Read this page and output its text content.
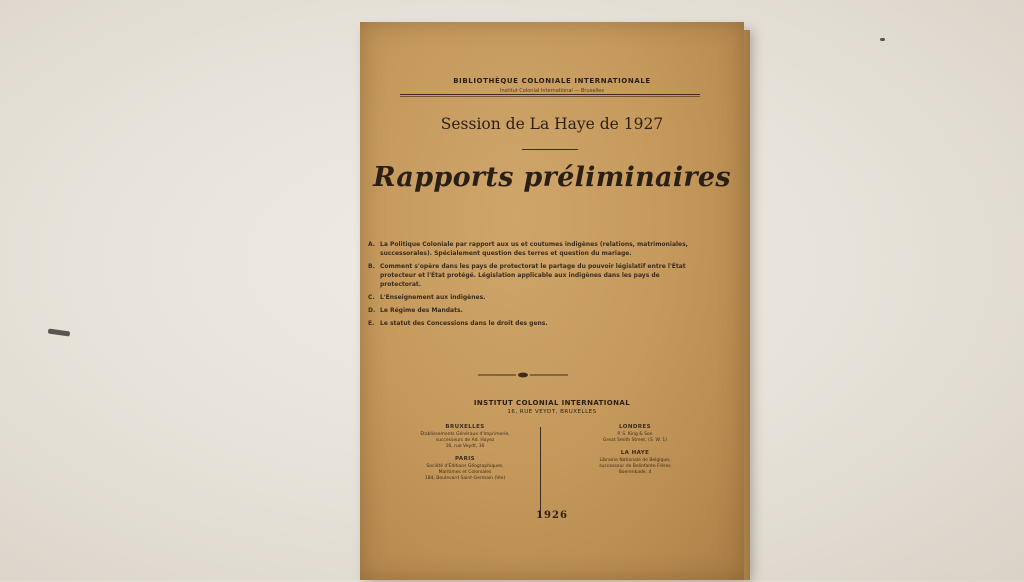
BIBLIOTHÈQUE COLONIALE INTERNATIONALE
Institut Colonial International — Bruxelles
Session de La Haye de 1927
Rapports préliminaires
A. La Politique Coloniale par rapport aux us et coutumes indigènes (relations, matrimoniales, successorales). Spécialement question des terres et question du mariage.
B. Comment s'opère dans les pays de protectorat le partage du pouvoir législatif entre l'État protecteur et l'État protégé. Législation applicable aux indigènes dans les pays de protectorat.
C. L'Enseignement aux indigènes.
D. Le Régime des Mandats.
E. Le statut des Concessions dans le droit des gens.
INSTITUT COLONIAL INTERNATIONAL
16, RUE VEYDT, BRUXELLES
BRUXELLES
Établissements Généraux d'Imprimerie,
successeurs de Ad. Hayez
16, rue Veydt, 16
PARIS
Société d'Éditions Géographiques,
Maritimes et Coloniales
184, Boulevard Saint-Germain (VIe)
LONDRES
P. S. King & Son
Great Smith Street, (S. W. 1)
LA HAYE
Librairie Nationale de Belgique,
successeur de Belinfante Frères
Boerenkade, 4
1926
